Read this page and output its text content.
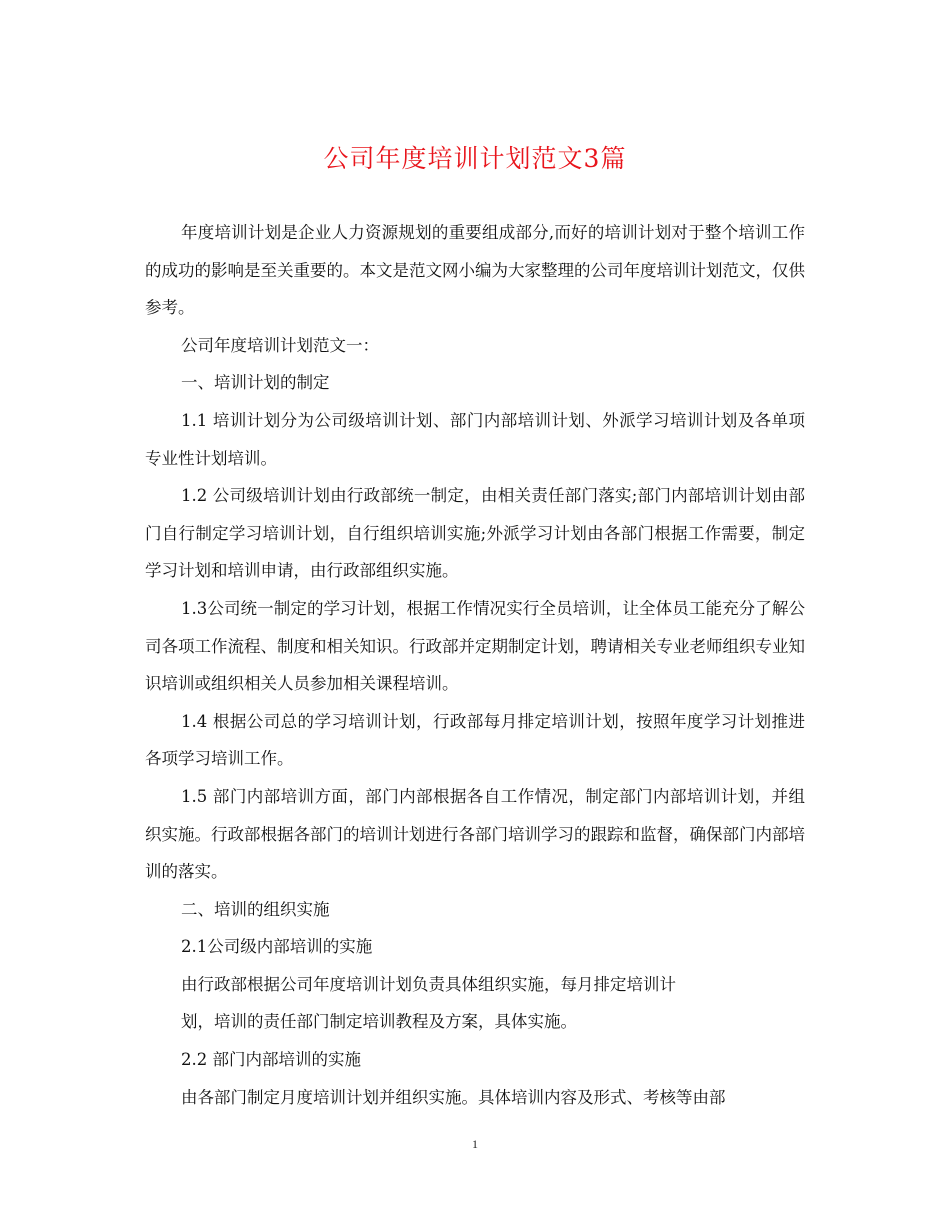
公司年度培训计划范文3篇

年度培训计划是企业人力资源规划的重要组成部分,而好的培训计划对于整个培训工作的成功的影响是至关重要的。本文是范文网小编为大家整理的公司年度培训计划范文，仅供参考。

公司年度培训计划范文一：

一、培训计划的制定

1.1 培训计划分为公司级培训计划、部门内部培训计划、外派学习培训计划及各单项专业性计划培训。

1.2 公司级培训计划由行政部统一制定，由相关责任部门落实;部门内部培训计划由部门自行制定学习培训计划，自行组织培训实施;外派学习计划由各部门根据工作需要，制定学习计划和培训申请，由行政部组织实施。

1.3公司统一制定的学习计划，根据工作情况实行全员培训，让全体员工能充分了解公司各项工作流程、制度和相关知识。行政部并定期制定计划，聘请相关专业老师组织专业知识培训或组织相关人员参加相关课程培训。

1.4 根据公司总的学习培训计划，行政部每月排定培训计划，按照年度学习计划推进各项学习培训工作。

1.5 部门内部培训方面，部门内部根据各自工作情况，制定部门内部培训计划，并组织实施。行政部根据各部门的培训计划进行各部门培训学习的跟踪和监督，确保部门内部培训的落实。

二、培训的组织实施

2.1公司级内部培训的实施

由行政部根据公司年度培训计划负责具体组织实施，每月排定培训计

划，培训的责任部门制定培训教程及方案，具体实施。

2.2 部门内部培训的实施

由各部门制定月度培训计划并组织实施。具体培训内容及形式、考核等由部

1
